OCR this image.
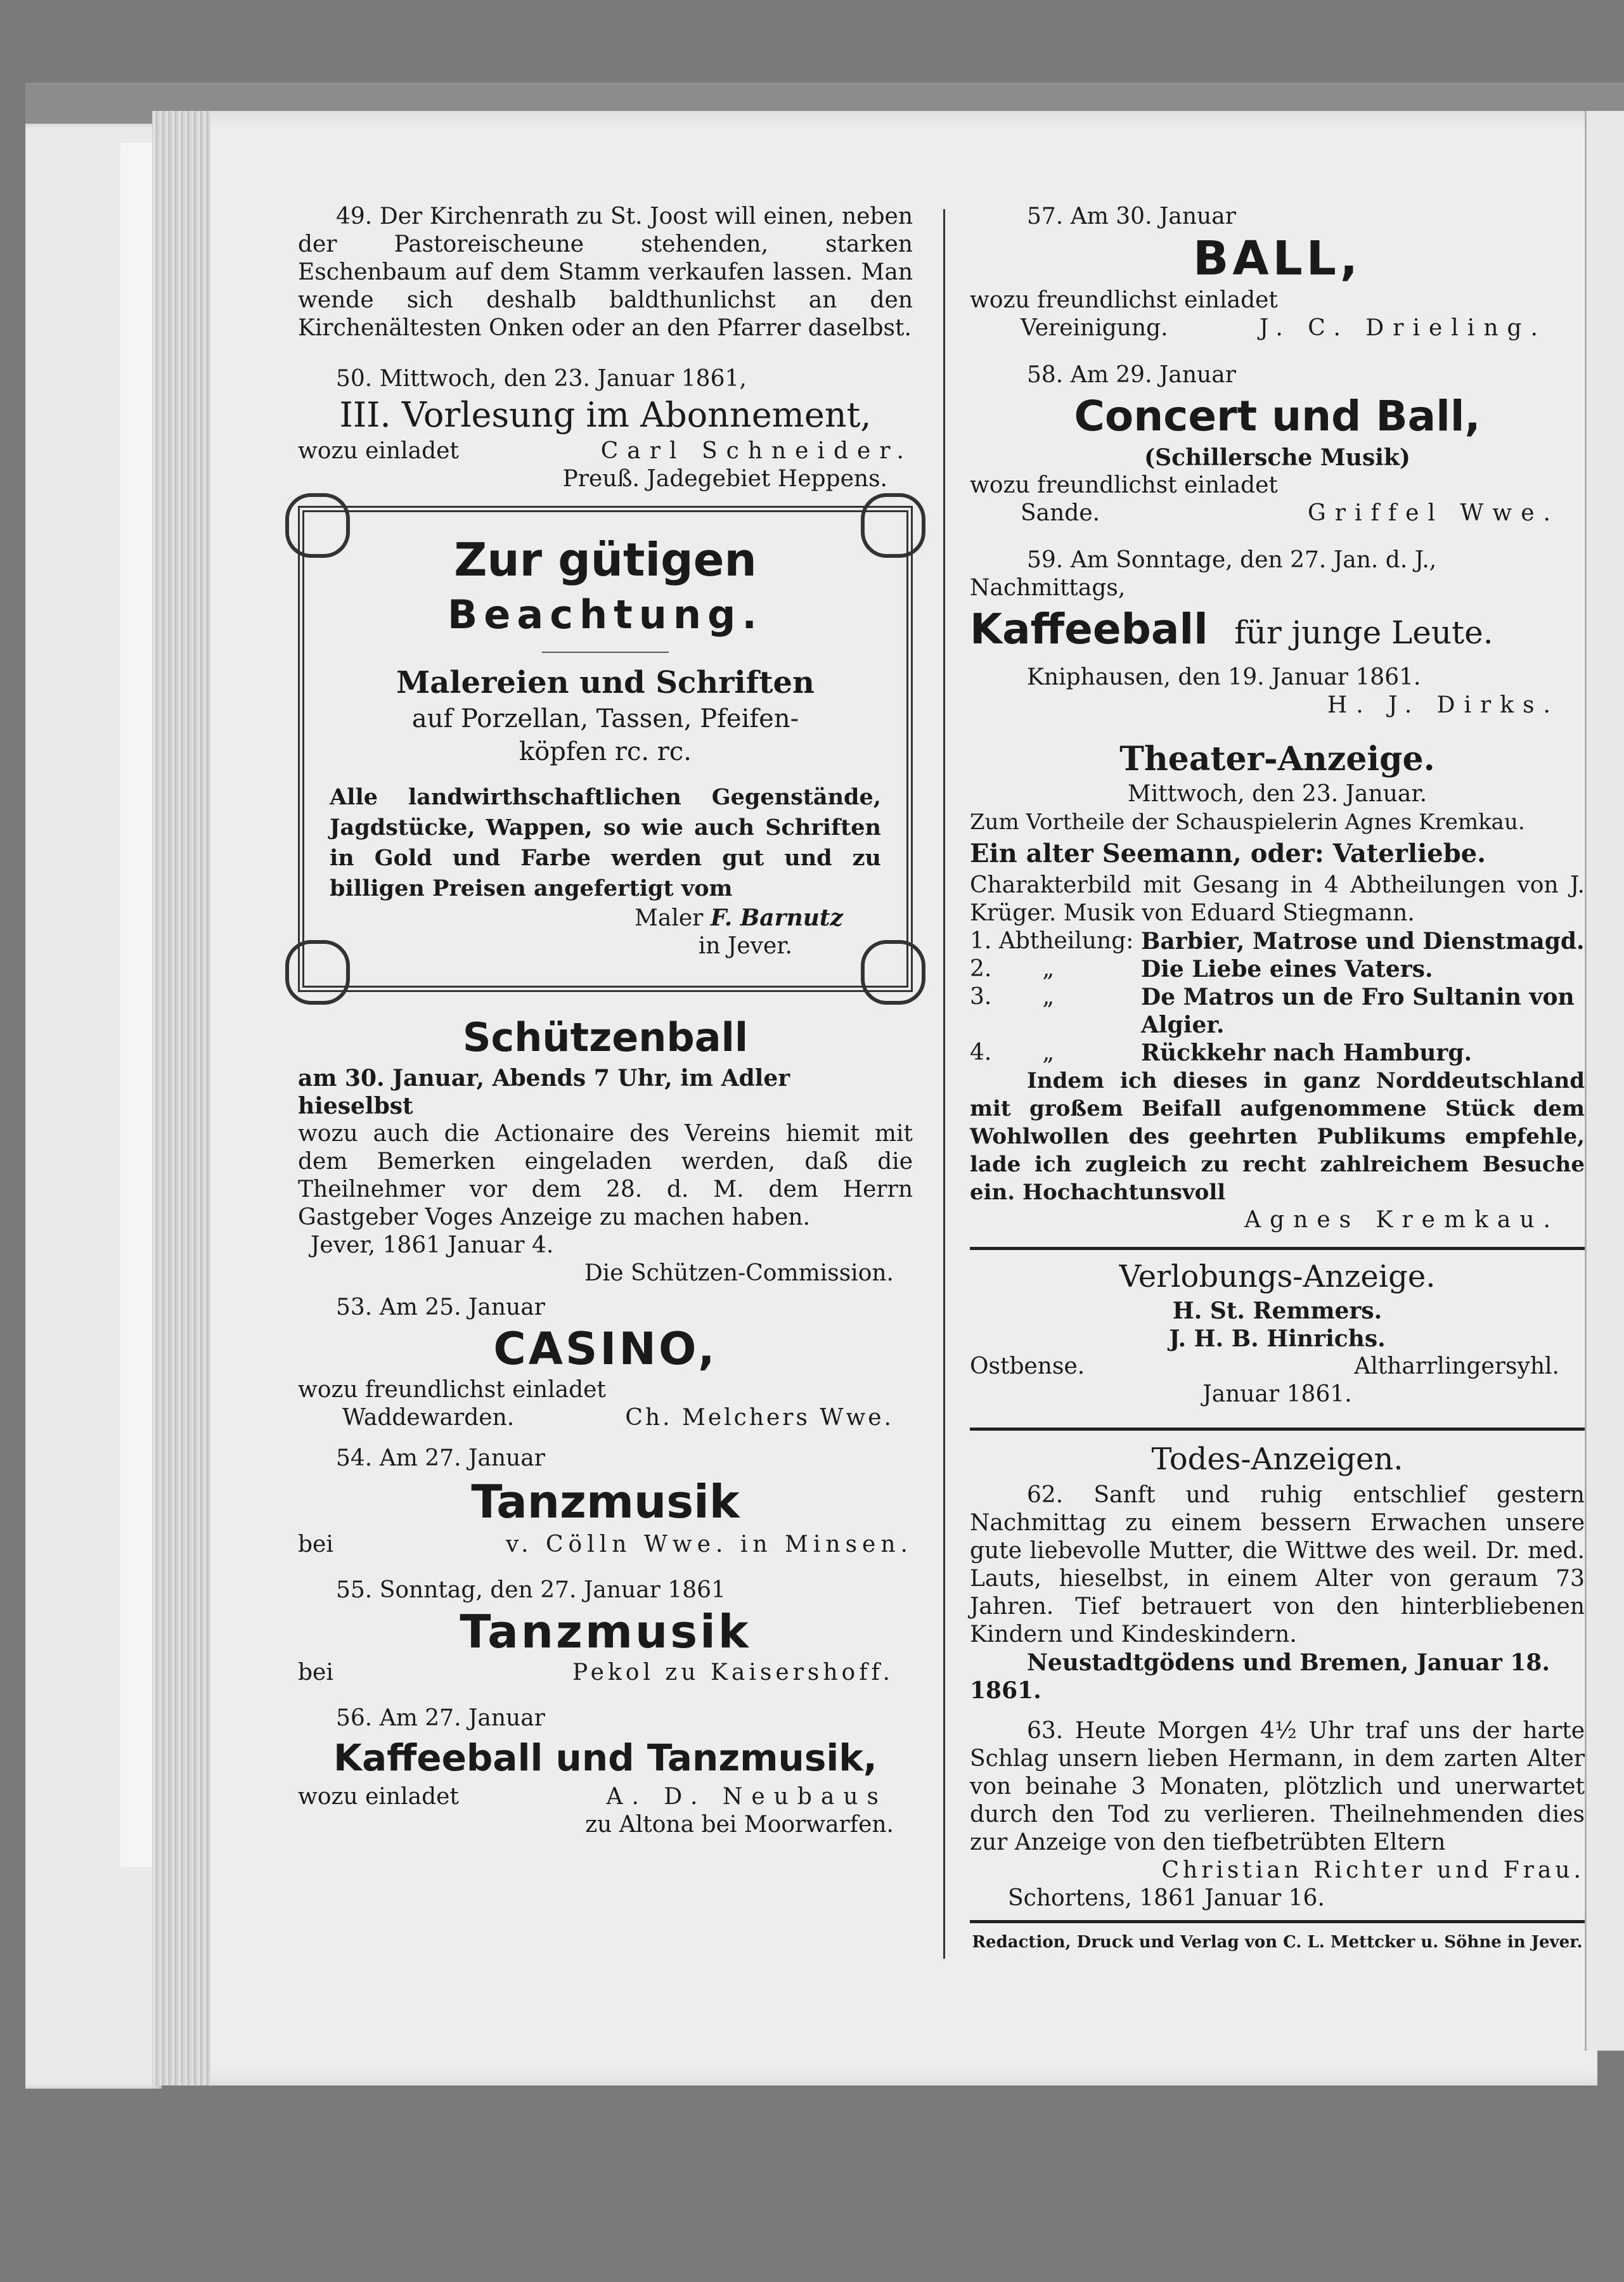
49. Der Kirchenrath zu St. Joost will einen, neben der Pastoreischeune stehenden, starken Eschenbaum auf dem Stamm verkaufen lassen. Man wende sich deshalb baldthunlichst an den Kirchenältesten Onken oder an den Pfarrer daselbst.

50. Mittwoch, den 23. Januar 1861,

III. Vorlesung im Abonnement,

wozu einladet	Carl Schneider.

Preuß. Jadegebiet Heppens.

Zur gütigen

Beachtung.

Malereien und Schriften

auf Porzellan, Tassen, Pfeifen-

köpfen rc. rc.

Alle landwirthschaftlichen Gegenstände, Jagdstücke, Wappen, so wie auch Schriften in Gold und Farbe werden gut und zu billigen Preisen angefertigt vom

Maler F. Barnutz

in Jever.

Schützenball

am 30. Januar, Abends 7 Uhr, im Adler hieselbst

wozu auch die Actionaire des Vereins hiemit mit dem Bemerken eingeladen werden, daß die Theilnehmer vor dem 28. d. M. dem Herrn Gastgeber Voges Anzeige zu machen haben.

Jever, 1861 Januar 4.

Die Schützen-Commission.

53. Am 25. Januar

CASINO,

wozu freundlichst einladet

Waddewarden.	Ch. Melchers Wwe.

54. Am 27. Januar

Tanzmusik

bei	v. Cölln Wwe. in Minsen.

55. Sonntag, den 27. Januar 1861

Tanzmusik

bei	Pekol zu Kaisershoff.

56. Am 27. Januar

Kaffeeball und Tanzmusik,

wozu einladet	A. D. Neubaus

zu Altona bei Moorwarfen.

57. Am 30. Januar

BALL,

wozu freundlichst einladet

Vereinigung.	J. C. Drieling.

58. Am 29. Januar

Concert und Ball,

(Schillersche Musik)

wozu freundlichst einladet

Sande.	Griffel Wwe.

59. Am Sonntage, den 27. Jan. d. J., Nachmittags,

Kaffeeball für junge Leute.

Kniphausen, den 19. Januar 1861.

H. J. Dirks.

Theater-Anzeige.

Mittwoch, den 23. Januar.

Zum Vortheile der Schauspielerin Agnes Kremkau.

Ein alter Seemann, oder: Vaterliebe.

Charakterbild mit Gesang in 4 Abtheilungen von J. Krüger. Musik von Eduard Stiegmann.

1. Abtheilung: Barbier, Matrose und Dienstmagd.
2.       „	Die Liebe eines Vaters.
3.       „	De Matros un de Fro Sultanin von Algier.
4.       „	Rückkehr nach Hamburg.

Indem ich dieses in ganz Norddeutschland mit großem Beifall aufgenommene Stück dem Wohlwollen des geehrten Publikums empfehle, lade ich zugleich zu recht zahlreichem Besuche ein. Hochachtunsvoll

Agnes Kremkau.

Verlobungs-Anzeige.

H. St. Remmers.

J. H. B. Hinrichs.

Ostbense.	Altharrlingersyhl.

Januar 1861.

Todes-Anzeigen.

62. Sanft und ruhig entschlief gestern Nachmittag zu einem bessern Erwachen unsere gute liebevolle Mutter, die Wittwe des weil. Dr. med. Lauts, hieselbst, in einem Alter von geraum 73 Jahren. Tief betrauert von den hinterbliebenen Kindern und Kindeskindern.

Neustadtgödens und Bremen, Januar 18. 1861.

63. Heute Morgen 4½ Uhr traf uns der harte Schlag unsern lieben Hermann, in dem zarten Alter von beinahe 3 Monaten, plötzlich und unerwartet durch den Tod zu verlieren. Theilnehmenden dies zur Anzeige von den tiefbetrübten Eltern

Christian Richter und Frau.

Schortens, 1861 Januar 16.

Redaction, Druck und Verlag von C. L. Mettcker u. Söhne in Jever.
